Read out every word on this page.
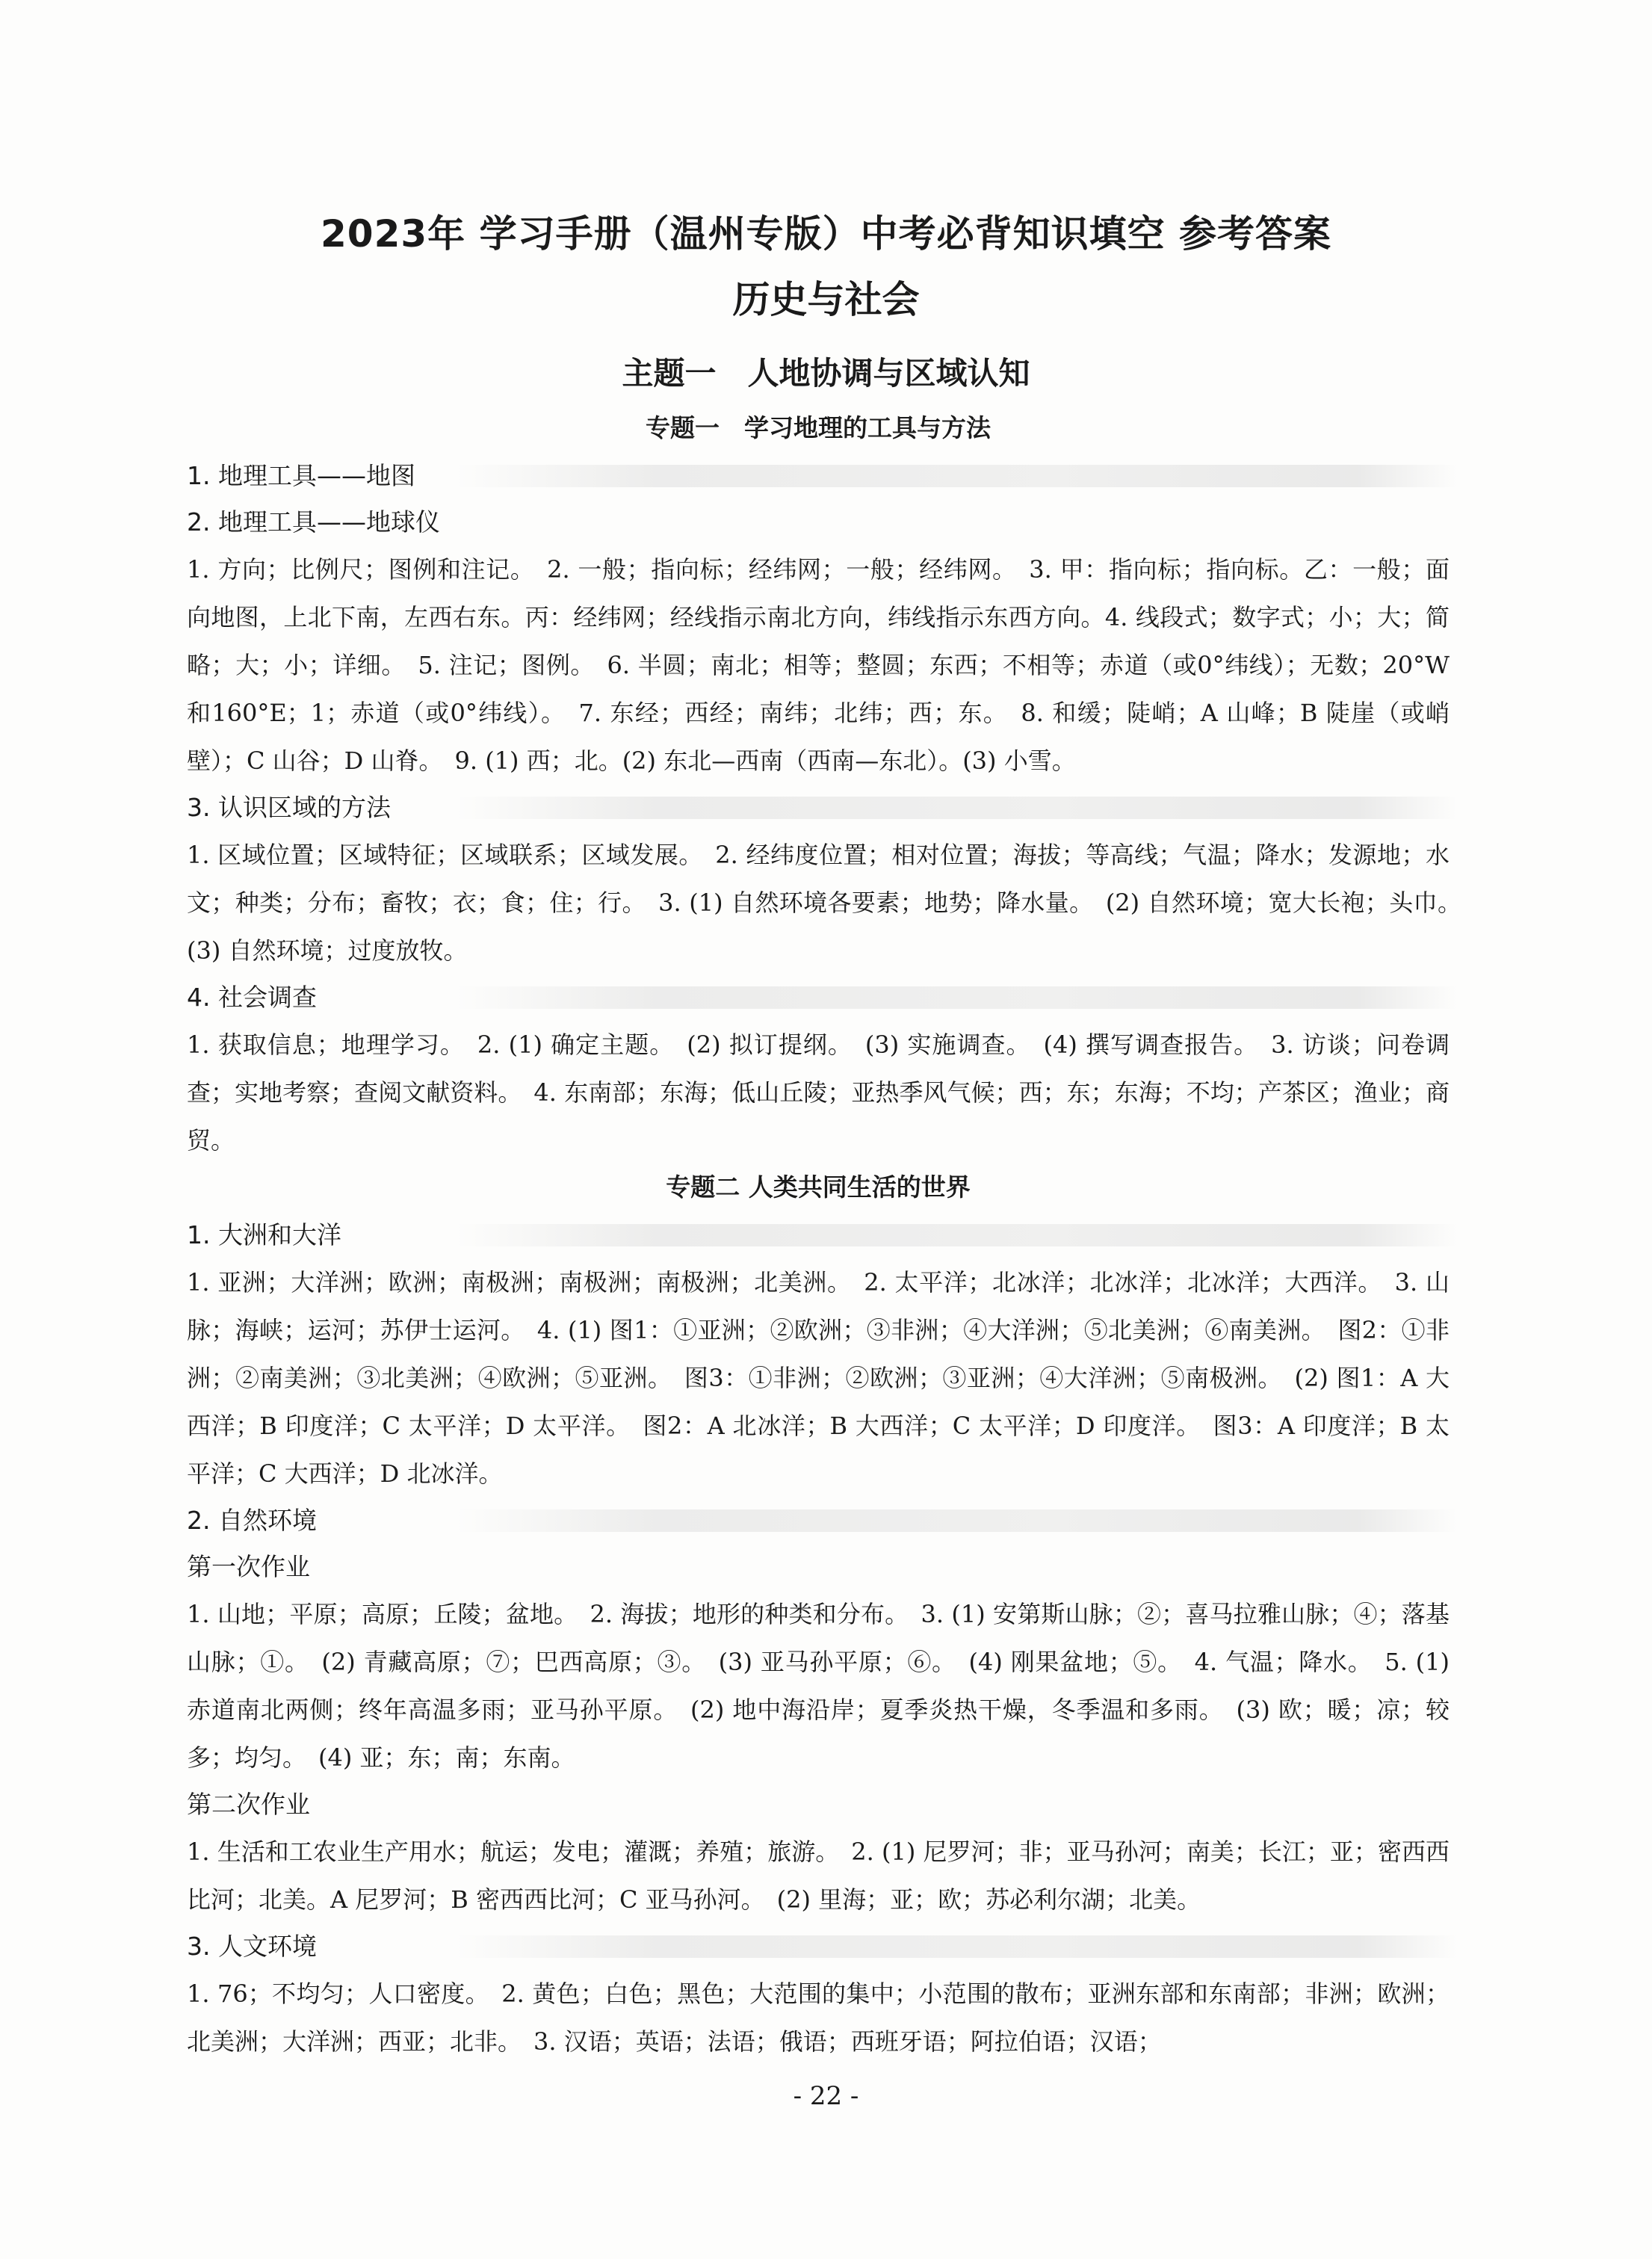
2023年 学习手册（温州专版）中考必背知识填空 参考答案
历史与社会
主题一　人地协调与区域认知
专题一　学习地理的工具与方法
1. 地理工具——地图
2. 地理工具——地球仪

1. 方向；比例尺；图例和注记。　2. 一般；指向标；经纬网；一般；经纬网。　3. 甲：指向标；指向标。乙：一般；面向地图，上北下南，左西右东。丙：经纬网；经线指示南北方向，纬线指示东西方向。4. 线段式；数字式；小；大；简略；大；小；详细。　5. 注记；图例。　6. 半圆；南北；相等；整圆；东西；不相等；赤道（或0°纬线）；无数；20°W和160°E；1；赤道（或0°纬线）。　7. 东经；西经；南纬；北纬；西；东。　8. 和缓；陡峭；A 山峰；B 陡崖（或峭壁）；C 山谷；D 山脊。　9. (1) 西；北。(2) 东北—西南（西南—东北）。(3) 小雪。

3. 认识区域的方法

1. 区域位置；区域特征；区域联系；区域发展。　2. 经纬度位置；相对位置；海拔；等高线；气温；降水；发源地；水文；种类；分布；畜牧；衣；食；住；行。　3. (1) 自然环境各要素；地势；降水量。　(2) 自然环境；宽大长袍；头巾。　(3) 自然环境；过度放牧。

4. 社会调查

1. 获取信息；地理学习。　2. (1) 确定主题。　(2) 拟订提纲。　(3) 实施调查。　(4) 撰写调查报告。　3. 访谈；问卷调查；实地考察；查阅文献资料。　4. 东南部；东海；低山丘陵；亚热季风气候；西；东；东海；不均；产茶区；渔业；商贸。

专题二 人类共同生活的世界
1. 大洲和大洋

1. 亚洲；大洋洲；欧洲；南极洲；南极洲；南极洲；北美洲。　2. 太平洋；北冰洋；北冰洋；北冰洋；大西洋。　3. 山脉；海峡；运河；苏伊士运河。　4. (1) 图1：①亚洲；②欧洲；③非洲；④大洋洲；⑤北美洲；⑥南美洲。　图2：①非洲；②南美洲；③北美洲；④欧洲；⑤亚洲。　图3：①非洲；②欧洲；③亚洲；④大洋洲；⑤南极洲。　(2) 图1：A 大西洋；B 印度洋；C 太平洋；D 太平洋。　图2：A 北冰洋；B 大西洋；C 太平洋；D 印度洋。　图3：A 印度洋；B 太平洋；C 大西洋；D 北冰洋。

2. 自然环境
第一次作业

1. 山地；平原；高原；丘陵；盆地。　2. 海拔；地形的种类和分布。　3. (1) 安第斯山脉；②；喜马拉雅山脉；④；落基山脉；①。　(2) 青藏高原；⑦；巴西高原；③。　(3) 亚马孙平原；⑥。　(4) 刚果盆地；⑤。　4. 气温；降水。　5. (1) 赤道南北两侧；终年高温多雨；亚马孙平原。　(2) 地中海沿岸；夏季炎热干燥，冬季温和多雨。　(3) 欧；暖；凉；较多；均匀。　(4) 亚；东；南；东南。

第二次作业

1. 生活和工农业生产用水；航运；发电；灌溉；养殖；旅游。　2. (1) 尼罗河；非；亚马孙河；南美；长江；亚；密西西比河；北美。A 尼罗河；B 密西西比河；C 亚马孙河。　(2) 里海；亚；欧；苏必利尔湖；北美。

3. 人文环境

1. 76；不均匀；人口密度。　2. 黄色；白色；黑色；大范围的集中；小范围的散布；亚洲东部和东南部；非洲；欧洲；北美洲；大洋洲；西亚；北非。　3. 汉语；英语；法语；俄语；西班牙语；阿拉伯语；汉语；

- 22 -
